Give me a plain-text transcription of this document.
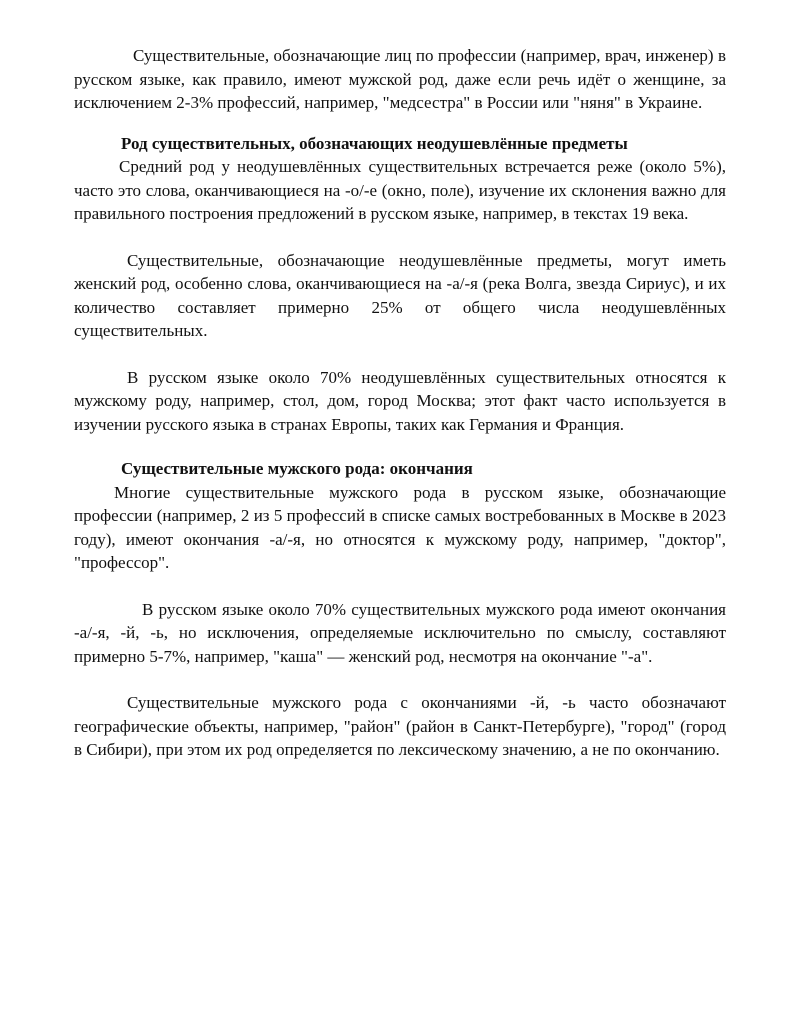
Существительные, обозначающие лиц по профессии (например, врач, инженер) в русском языке, как правило, имеют мужской род, даже если речь идёт о женщине, за исключением 2-3% профессий, например, "медсестра" в России или "няня" в Украине.

Род существительных, обозначающих неодушевлённые предметы

Средний род у неодушевлённых существительных встречается реже (около 5%), часто это слова, оканчивающиеся на -о/-е (окно, поле), изучение их склонения важно для правильного построения предложений в русском языке, например, в текстах 19 века.

Существительные, обозначающие неодушевлённые предметы, могут иметь женский род, особенно слова, оканчивающиеся на -а/-я (река Волга, звезда Сириус), и их количество составляет примерно 25% от общего числа неодушевлённых существительных.

В русском языке около 70% неодушевлённых существительных относятся к мужскому роду, например, стол, дом, город Москва; этот факт часто используется в изучении русского языка в странах Европы, таких как Германия и Франция.

Существительные мужского рода: окончания

Многие существительные мужского рода в русском языке, обозначающие профессии (например, 2 из 5 профессий в списке самых востребованных в Москве в 2023 году), имеют окончания -а/-я, но относятся к мужскому роду, например, "доктор", "профессор".

В русском языке около 70% существительных мужского рода имеют окончания -а/-я, -й, -ь, но исключения, определяемые исключительно по смыслу, составляют примерно 5-7%, например, "каша" — женский род, несмотря на окончание "-а".

Существительные мужского рода с окончаниями -й, -ь часто обозначают географические объекты, например, "район" (район в Санкт-Петербурге), "город" (город в Сибири), при этом их род определяется по лексическому значению, а не по окончанию.
